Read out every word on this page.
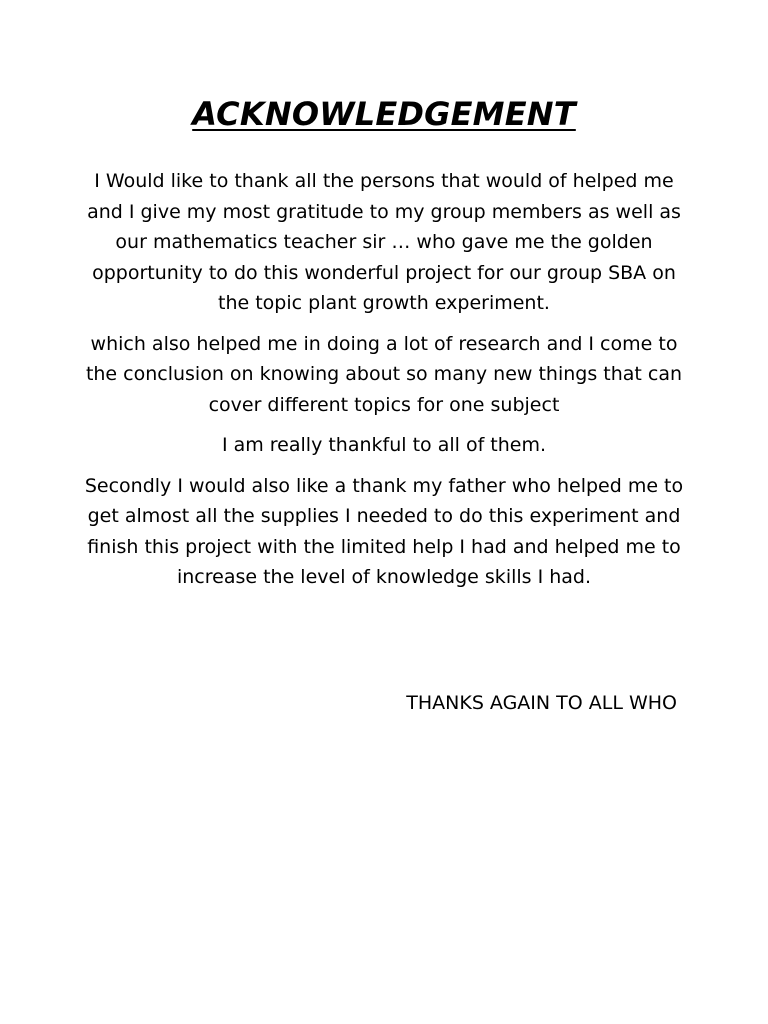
ACKNOWLEDGEMENT

I Would like to thank all the persons that would of helped me
and I give my most gratitude to my group members as well as
our mathematics teacher sir … who gave me the golden
opportunity to do this wonderful project for our group SBA on
the topic plant growth experiment.

which also helped me in doing a lot of research and I come to
the conclusion on knowing about so many new things that can
cover different topics for one subject

I am really thankful to all of them.

Secondly I would also like a thank my father who helped me to
get almost all the supplies I needed to do this experiment and
finish this project with the limited help I had and helped me to
increase the level of knowledge skills I had.

THANKS AGAIN TO ALL WHO
